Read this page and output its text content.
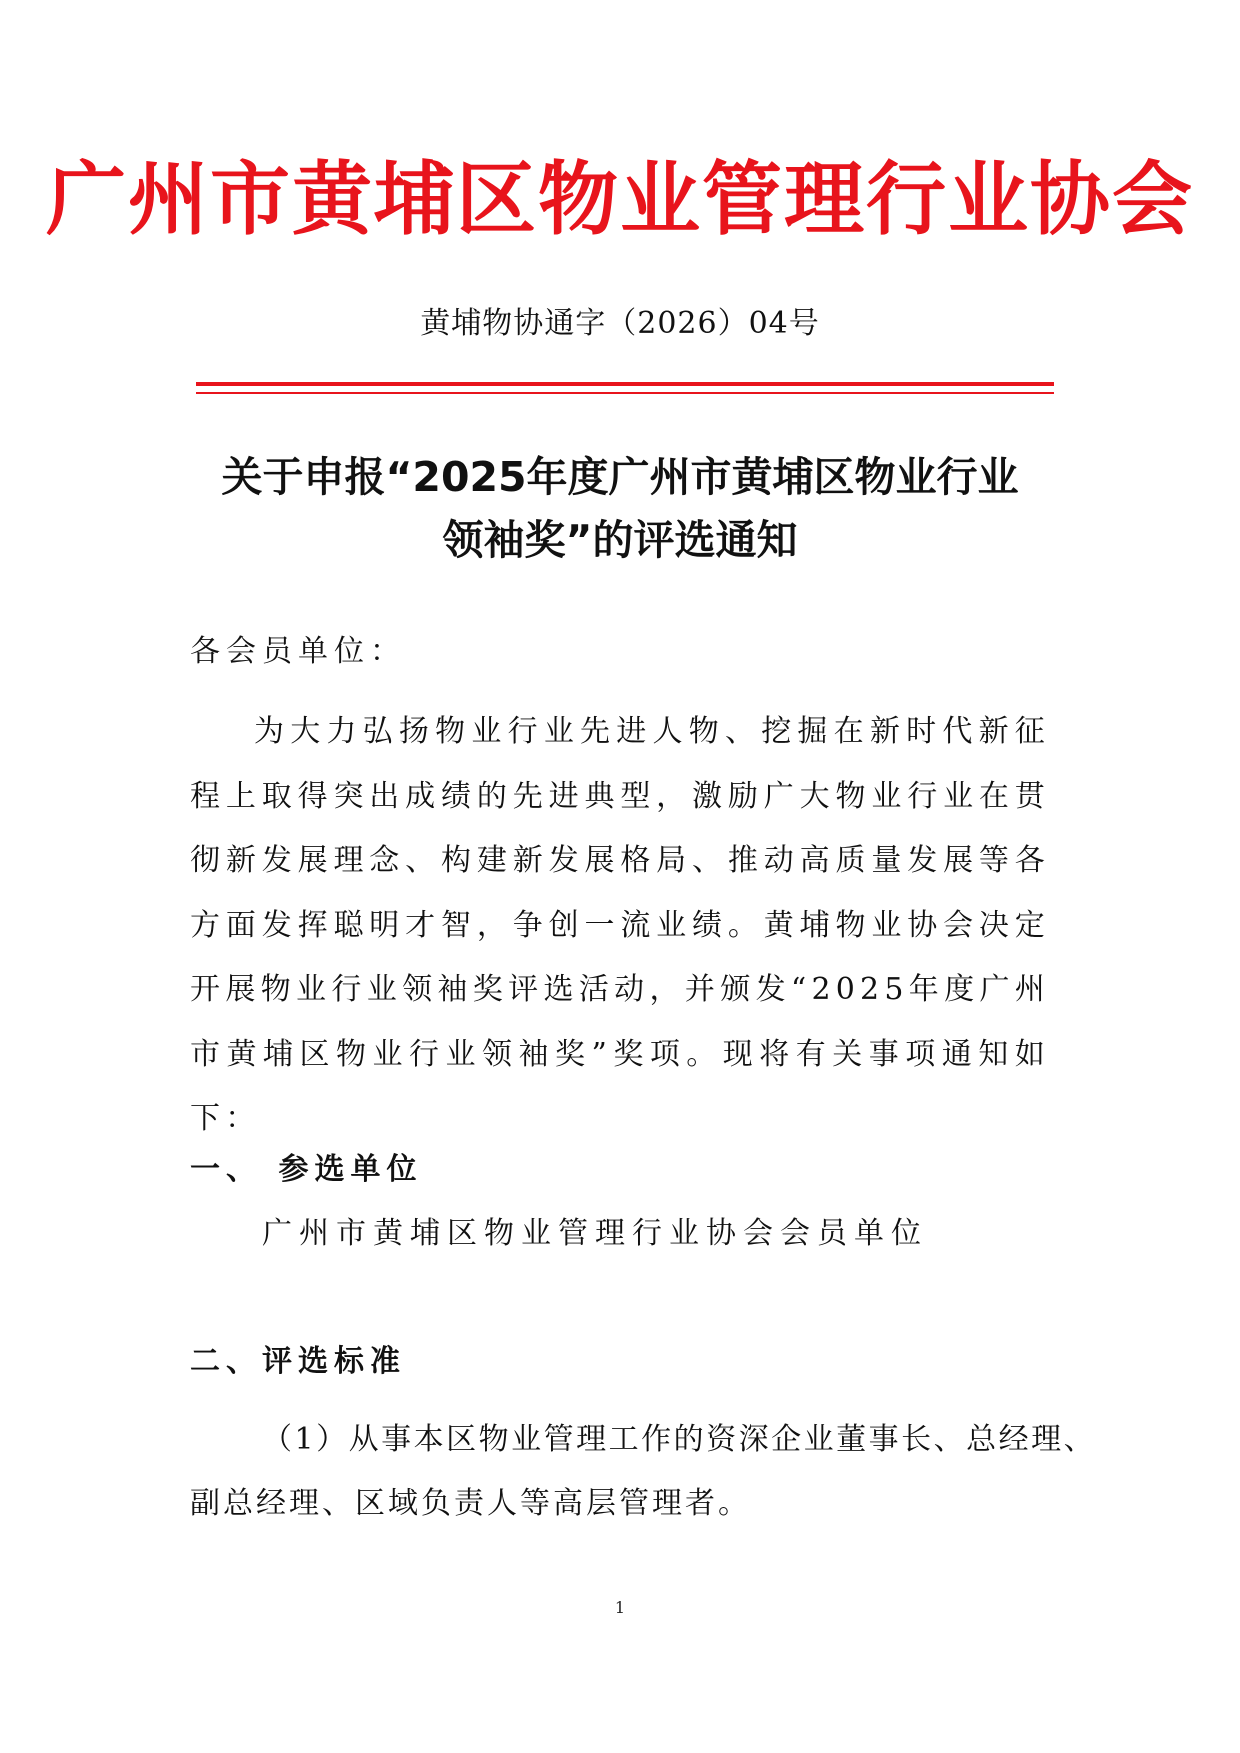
广州市黄埔区物业管理行业协会
黄埔物协通字（2026）04号
关于申报“2025年度广州市黄埔区物业行业
领袖奖”的评选通知
各会员单位：
为大力弘扬物业行业先进人物、挖掘在新时代新征程上取得突出成绩的先进典型，激励广大物业行业在贯彻新发展理念、构建新发展格局、推动高质量发展等各方面发挥聪明才智，争创一流业绩。黄埔物业协会决定开展物业行业领袖奖评选活动，并颁发“2025年度广州市黄埔区物业行业领袖奖”奖项。现将有关事项通知如下：
一、 参选单位
广州市黄埔区物业管理行业协会会员单位
二、评选标准
（1）从事本区物业管理工作的资深企业董事长、总经理、
副总经理、区域负责人等高层管理者。
1
